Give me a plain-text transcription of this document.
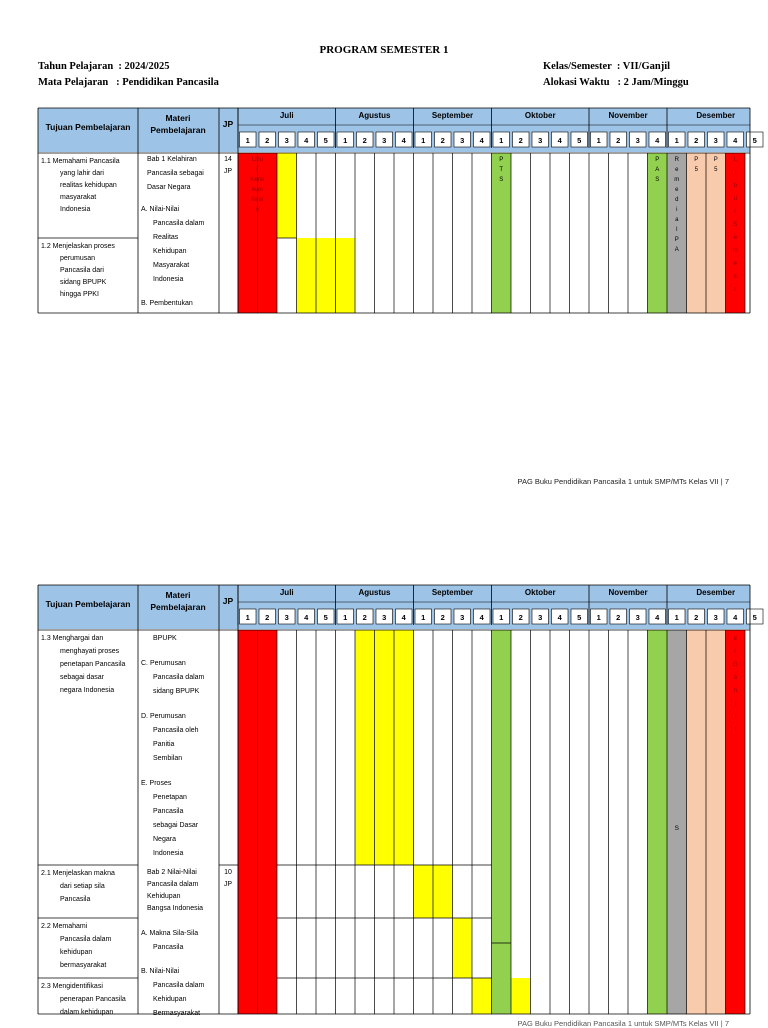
PROGRAM SEMESTER 1
Tahun Pelajaran  : 2024/2025
Mata Pelajaran   : Pendidikan Pancasila
Kelas/Semester  : VII/Ganjil
Alokasi Waktu   : 2 Jam/Minggu
Tujuan Pembelajaran
Materi
Pembelajaran
JP
Juli
1 2 3 4 5
Agustus
1 2 3 4
September
1 2 3 4
Oktober
1 2 3 4 5
November
1 2 3 4
Desember
1 2 3 4 5
1.1 Memahami Pancasila
yang lahir dari
realitas kehidupan
masyarakat
Indonesia
1.2 Menjelaskan proses
perumusan
Pancasila dari
sidang BPUPK
hingga PPKI
Bab 1 Kelahiran
Pancasila sebagai
Dasar Negara
A. Nilai-Nilai
Pancasila dalam
Realitas
Kehidupan
Masyarakat
Indonesia
B. Pembentukan
14
JP
Libu
r
Kena
ikan
Kela
s
P
T
S
P
A
S
R
e
m
e
d
i
a
l
P
A
P
5
P
5
L
i
b
u
r
S
e
m
e
s
t
PAG Buku Pendidikan Pancasila 1 untuk SMP/MTs Kelas VII | 7
Tujuan Pembelajaran
Materi
Pembelajaran
JP
Juli
1 2 3 4 5
Agustus
1 2 3 4
September
1 2 3 4
Oktober
1 2 3 4 5
November
1 2 3 4
Desember
1 2 3 4 5
1.3 Menghargai dan
menghayati proses
penetapan Pancasila
sebagai dasar
negara Indonesia
2.1 Menjelaskan makna
dari setiap sila
Pancasila
2.2 Memahami
Pancasila dalam
kehidupan
bermasyarakat
2.3 Mengidentifikasi
penerapan Pancasila
dalam kehidupan
BPUPK
C. Perumusan
Pancasila dalam
sidang BPUPK
D. Perumusan
Pancasila oleh
Panitia
Sembilan
E. Proses
Penetapan
Pancasila
sebagai Dasar
Negara
Indonesia
Bab 2 Nilai-Nilai
Pancasila dalam
Kehidupan
Bangsa Indonesia
A. Makna Sila-Sila
Pancasila
B. Nilai-Nilai
Pancasila dalam
Kehidupan
Bermasyarakat
10
JP
S
e
r
G
a
n
j
i
l
PAG Buku Pendidikan Pancasila 1 untuk SMP/MTs Kelas VII | 7
